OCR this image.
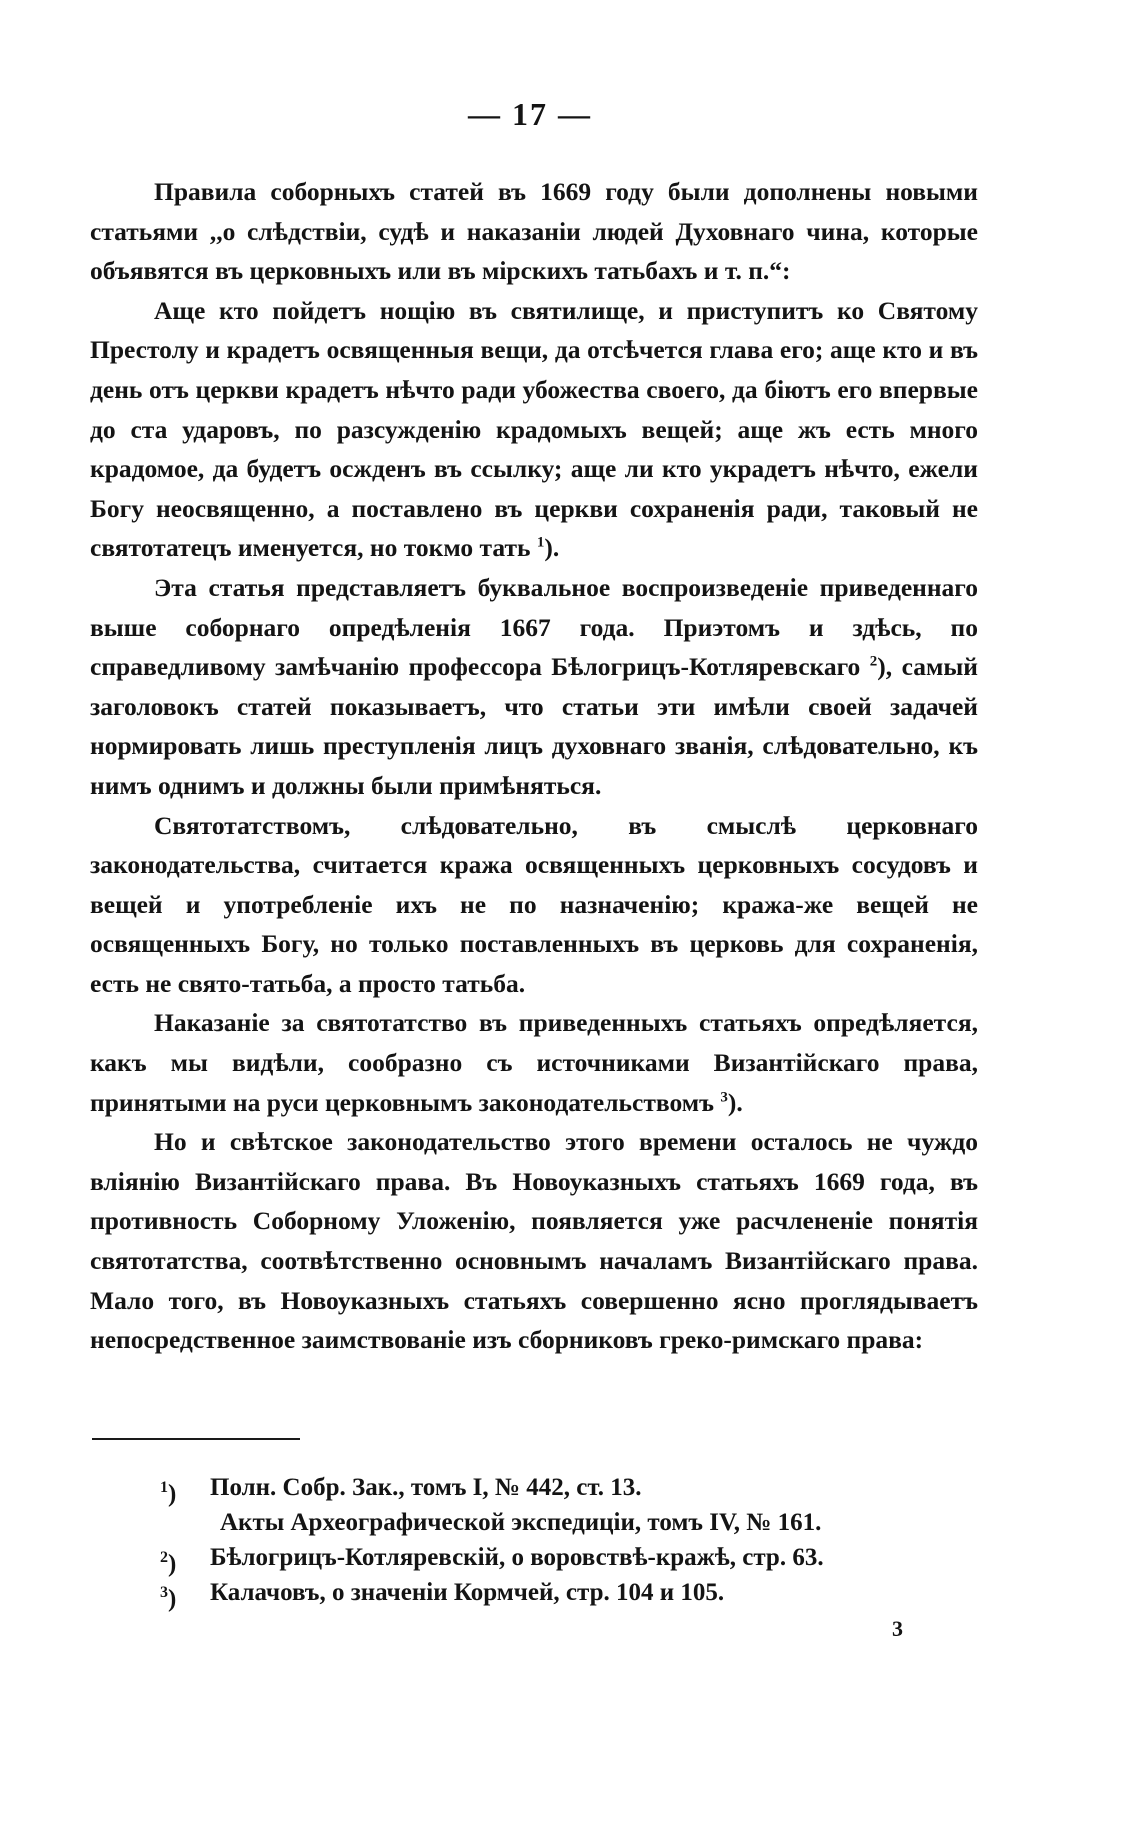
— 17 —

Правила соборныхъ статей въ 1669 году были дополнены новыми статьями ,,о слѣдствіи, судѣ и наказаніи людей Духовнаго чина, которые объявятся въ церковныхъ или въ мірскихъ татьбахъ и т. п.“:

Аще кто пойдетъ нощію въ святилище, и приступитъ ко Святому Престолу и крадетъ освященныя вещи, да отсѣчется глава его; аще кто и въ день отъ церкви крадетъ нѣчто ради убожества своего, да біютъ его впервые до ста ударовъ, по разсужденію крадомыхъ вещей; аще жъ есть много крадомое, да будетъ осжденъ въ ссылку; аще ли кто украдетъ нѣчто, ежели Богу неосвященно, а поставлено въ церкви сохраненія ради, таковый не святотатецъ именуется, но токмо тать $^1$).

Эта статья представляетъ буквальное воспроизведеніе приведеннаго выше соборнаго опредѣленія 1667 года. Приэтомъ и здѣсь, по справедливому замѣчанію профессора Бѣлогрицъ-Котляревскаго $^2$), самый заголовокъ статей показываетъ, что статьи эти имѣли своей задачей нормировать лишь преступленія лицъ духовнаго званія, слѣдовательно, къ нимъ однимъ и должны были примѣняться.

Святотатствомъ, слѣдовательно, въ смыслѣ церковнаго законодательства, считается кража освященныхъ церковныхъ сосудовъ и вещей и употребленіе ихъ не по назначенію; кража-же вещей не освященныхъ Богу, но только поставленныхъ въ церковь для сохраненія, есть не свято-татьба, а просто татьба.

Наказаніе за святотатство въ приведенныхъ статьяхъ опредѣляется, какъ мы видѣли, сообразно съ источниками Византійскаго права, принятыми на руси церковнымъ законодательствомъ $^3$).

Но и свѣтское законодательство этого времени осталось не чуждо вліянію Византійскаго права. Въ Новоуказныхъ статьяхъ 1669 года, въ противность Соборному Уложенію, появляется уже расчлененіе понятія святотатства, соотвѣтственно основнымъ началамъ Византійскаго права. Мало того, въ Новоуказныхъ статьяхъ совершенно ясно проглядываетъ непосредственное заимствованіе изъ сборниковъ греко-римскаго права:

$^1$) Полн. Собр. Зак., томъ I, № 442, ст. 13.
Акты Археографической экспедиціи, томъ IV, № 161.
$^2$) Бѣлогрицъ-Котляревскій, о воровствѣ-кражѣ, стр. 63.
$^3$) Калачовъ, о значеніи Кормчей, стр. 104 и 105.
3
